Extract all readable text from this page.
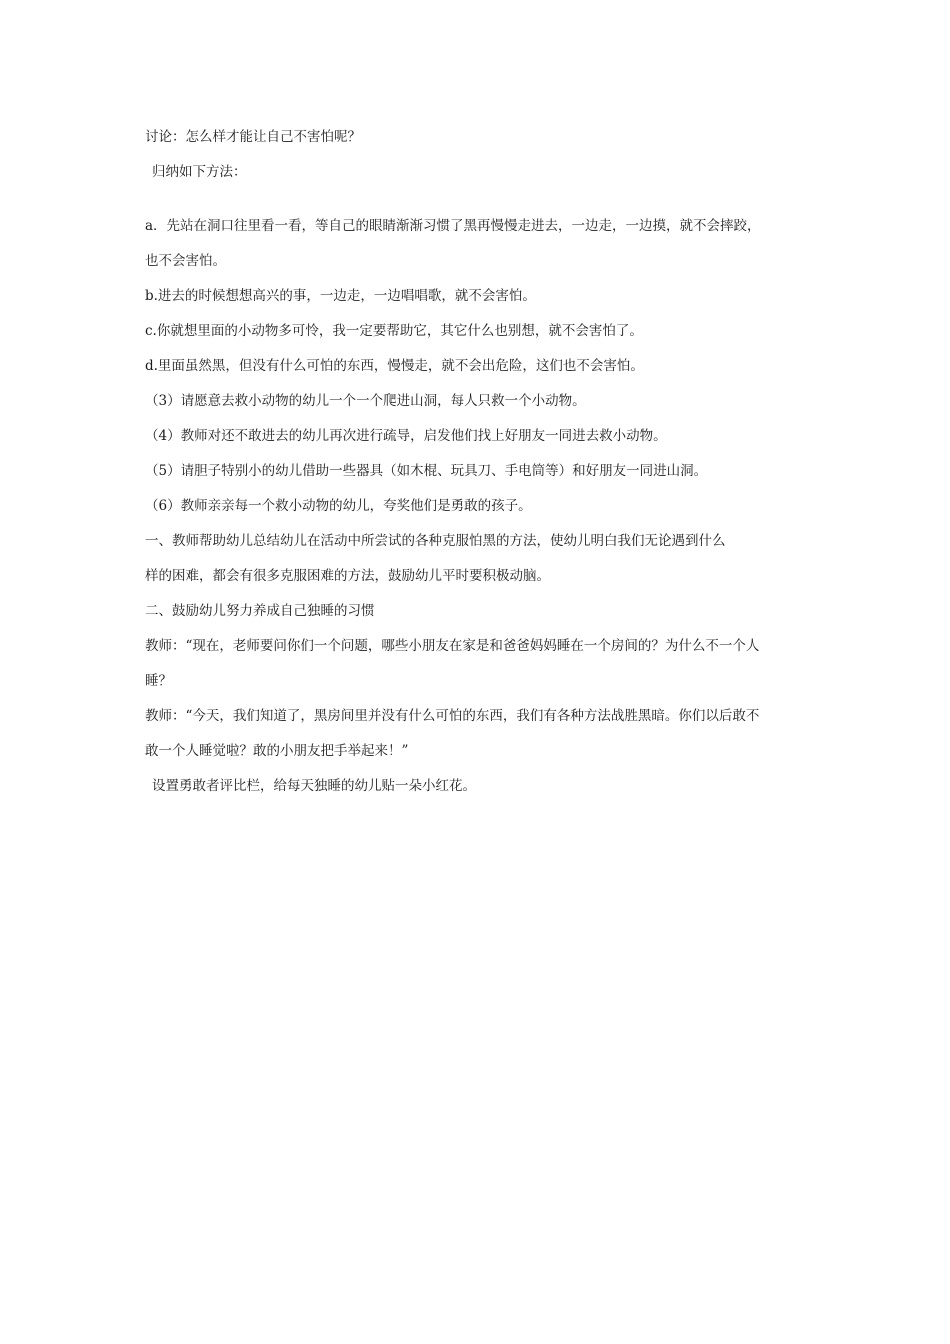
讨论：怎么样才能让自己不害怕呢？
归纳如下方法：
a．先站在洞口往里看一看，等自己的眼睛渐渐习惯了黑再慢慢走进去，一边走，一边摸，就不会摔跤，
也不会害怕。
b.进去的时候想想高兴的事，一边走，一边唱唱歌，就不会害怕。
c.你就想里面的小动物多可怜，我一定要帮助它，其它什么也别想，就不会害怕了。
d.里面虽然黑，但没有什么可怕的东西，慢慢走，就不会出危险，这们也不会害怕。
（3）请愿意去救小动物的幼儿一个一个爬进山洞，每人只救一个小动物。
（4）教师对还不敢进去的幼儿再次进行疏导，启发他们找上好朋友一同进去救小动物。
（5）请胆子特别小的幼儿借助一些器具（如木棍、玩具刀、手电筒等）和好朋友一同进山洞。
（6）教师亲亲每一个救小动物的幼儿，夸奖他们是勇敢的孩子。
一、教师帮助幼儿总结幼儿在活动中所尝试的各种克服怕黑的方法，使幼儿明白我们无论遇到什么
样的困难，都会有很多克服困难的方法，鼓励幼儿平时要积极动脑。
二、鼓励幼儿努力养成自己独睡的习惯
教师：“现在，老师要问你们一个问题，哪些小朋友在家是和爸爸妈妈睡在一个房间的？为什么不一个人
睡？
教师：“今天，我们知道了，黑房间里并没有什么可怕的东西，我们有各种方法战胜黑暗。你们以后敢不
敢一个人睡觉啦？敢的小朋友把手举起来！”
设置勇敢者评比栏，给每天独睡的幼儿贴一朵小红花。
